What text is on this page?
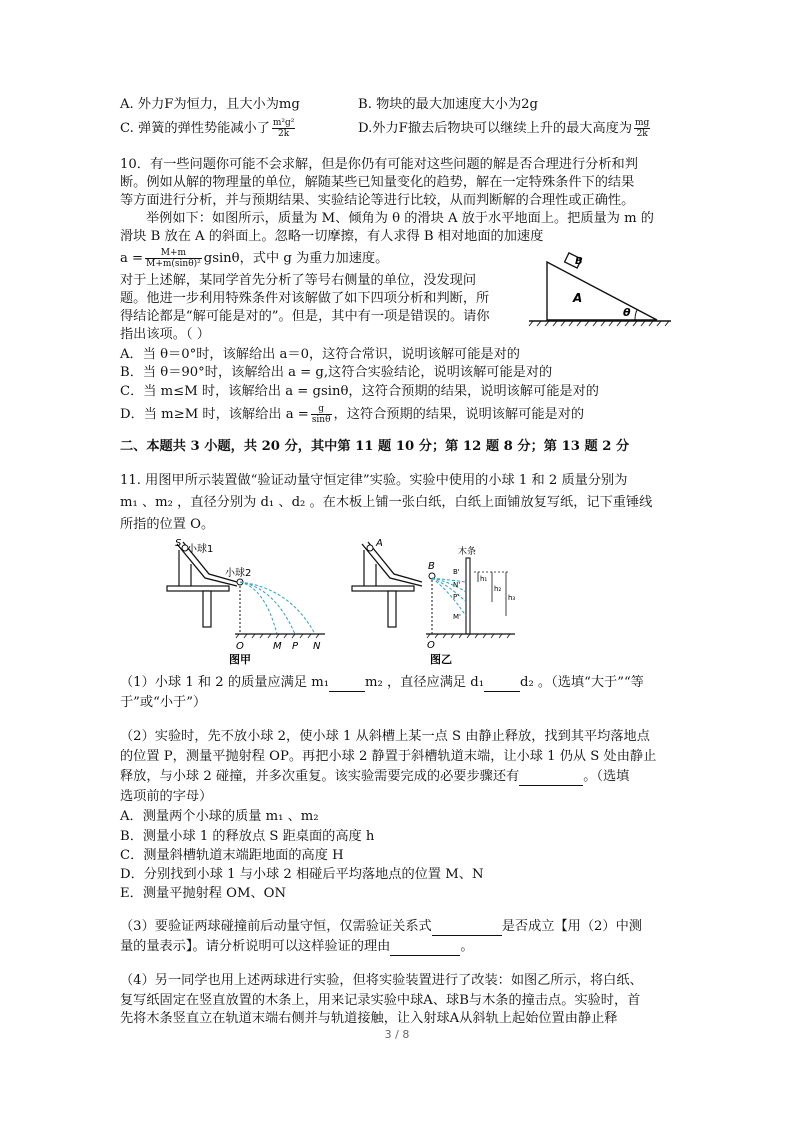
A. 外力F为恒力，且大小为mg	B. 物块的最大加速度大小为2g
C. 弹簧的弹性势能减小了 $\frac{\text{m²g²}}{2k}$	D.外力F撤去后物块可以继续上升的最大高度为 $\frac{mg}{2k}$
10．有一些问题你可能不会求解，但是你仍有可能对这些问题的解是否合理进行分析和判
断。例如从解的物理量的单位，解随某些已知量变化的趋势，解在一定特殊条件下的结果
等方面进行分析，并与预期结果、实验结论等进行比较，从而判断解的合理性或正确性。
举例如下：如图所示，质量为 M、倾角为 θ 的滑块 A 放于水平地面上。把质量为 m 的
滑块 B 放在 A 的斜面上。忽略一切摩擦，有人求得 B 相对地面的加速度
$a = \frac{M+m}{\text{M+m(sinθ)²}}$ gsinθ，式中 g 为重力加速度。
对于上述解，某同学首先分析了等号右侧量的单位，没发现问
题。他进一步利用特殊条件对该解做了如下四项分析和判断，所
得结论都是“解可能是对的”。但是，其中有一项是错误的。请你
指出该项。（ ）
B
A
θ
A．当 θ＝0°时，该解给出 a＝0，这符合常识，说明该解可能是对的
B．当 θ＝90°时，该解给出 a = g,这符合实验结论，说明该解可能是对的
C．当 m≤M 时，该解给出 a = gsinθ，这符合预期的结果，说明该解可能是对的
D．当 m≥M 时，该解给出 $a = \frac{g}{\sin\theta}$ ，这符合预期的结果，说明该解可能是对的
二、本题共 3 小题，共 20 分，其中第 11 题 10 分；第 12 题 8 分；第 13 题 2 分
11. 用图甲所示装置做“验证动量守恒定律”实验。实验中使用的小球 1 和 2 质量分别为
m₁ 、m₂ ，直径分别为 d₁ 、d₂ 。在木板上铺一张白纸，白纸上面铺放复写纸，记下重锤线
所指的位置 O。
S
小球1
小球2
O	M P N
图甲
A
B
木条
B'
N'
P'
M'
h₁
h₂
h₃
O
图乙
（1）小球 1 和 2 的质量应满足 m₁	m₂ ，直径应满足 d₁	d₂ 。（选填“大于”“等
于”或“小于”）
（2）实验时，先不放小球 2，使小球 1 从斜槽上某一点 S 由静止释放，找到其平均落地点
的位置 P，测量平抛射程 OP。再把小球 2 静置于斜槽轨道末端，让小球 1 仍从 S 处由静止
释放，与小球 2 碰撞，并多次重复。该实验需要完成的必要步骤还有	。（选填
选项前的字母）
A．测量两个小球的质量 m₁ 、m₂
B．测量小球 1 的释放点 S 距桌面的高度 h
C．测量斜槽轨道末端距地面的高度 H
D．分别找到小球 1 与小球 2 相碰后平均落地点的位置 M、N
E．测量平抛射程 OM、ON
（3）要验证两球碰撞前后动量守恒，仅需验证关系式	是否成立【用（2）中测
量的量表示】。请分析说明可以这样验证的理由	。
（4）另一同学也用上述两球进行实验，但将实验装置进行了改装：如图乙所示，将白纸、
复写纸固定在竖直放置的木条上，用来记录实验中球A、球B与木条的撞击点。实验时，首
先将木条竖直立在轨道末端右侧并与轨道接触，让入射球A从斜轨上起始位置由静止释
3 / 8
